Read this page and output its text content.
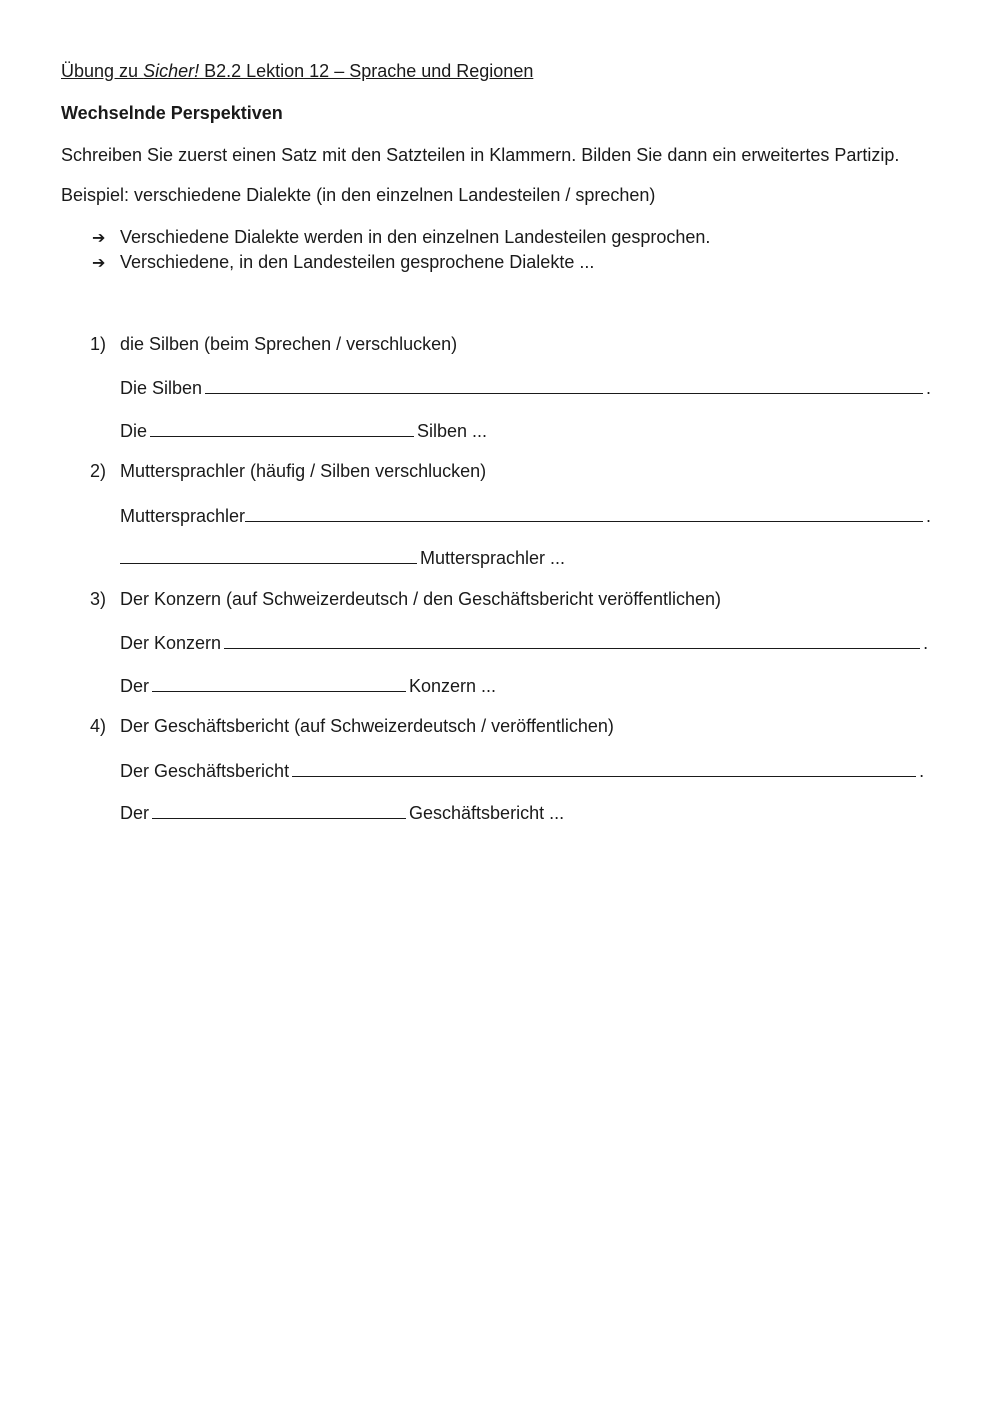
Übung zu Sicher! B2.2 Lektion 12 – Sprache und Regionen
Wechselnde Perspektiven
Schreiben Sie zuerst einen Satz mit den Satzteilen in Klammern. Bilden Sie dann ein erweitertes Partizip.
Beispiel: verschiedene Dialekte (in den einzelnen Landesteilen / sprechen)
➔ Verschiedene Dialekte werden in den einzelnen Landesteilen gesprochen.
➔ Verschiedene, in den Landesteilen gesprochene Dialekte ...
1) die Silben (beim Sprechen / verschlucken)
Die Silben	.
Die	Silben ...
2) Muttersprachler (häufig / Silben verschlucken)
Muttersprachler	.
Muttersprachler ...
3) Der Konzern (auf Schweizerdeutsch / den Geschäftsbericht veröffentlichen)
Der Konzern	.
Der	Konzern ...
4) Der Geschäftsbericht (auf Schweizerdeutsch / veröffentlichen)
Der Geschäftsbericht	.
Der	Geschäftsbericht ...
